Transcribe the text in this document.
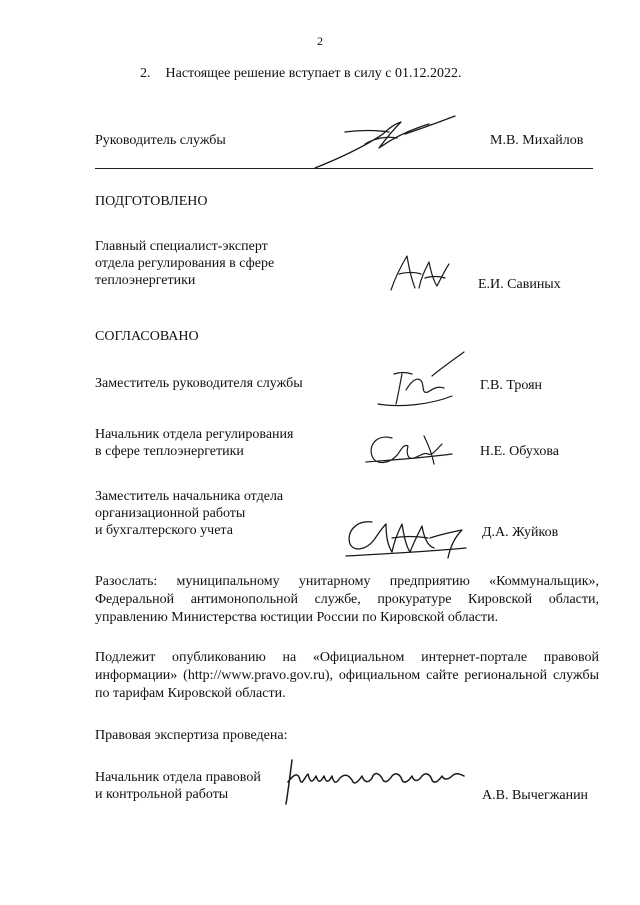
2

2. Настоящее решение вступает в силу с 01.12.2022.

Руководитель службы	М.В. Михайлов
ПОДГОТОВЛЕНО
Главный специалист-эксперт
отдела регулирования в сфере
теплоэнергетики	Е.И. Савиных
СОГЛАСОВАНО
Заместитель руководителя службы	Г.В. Троян
Начальник отдела регулирования
в сфере теплоэнергетики	Н.Е. Обухова
Заместитель начальника отдела
организационной работы
и бухгалтерского учета	Д.А. Жуйков

Разослать: муниципальному унитарному предприятию «Коммунальщик», Федеральной антимонопольной службе, прокуратуре Кировской области, управлению Министерства юстиции России по Кировской области.

Подлежит опубликованию на «Официальном интернет-портале правовой информации» (http://www.pravo.gov.ru), официальном сайте региональной службы по тарифам Кировской области.

Правовая экспертиза проведена:
Начальник отдела правовой
и контрольной работы	А.В. Вычегжанин
